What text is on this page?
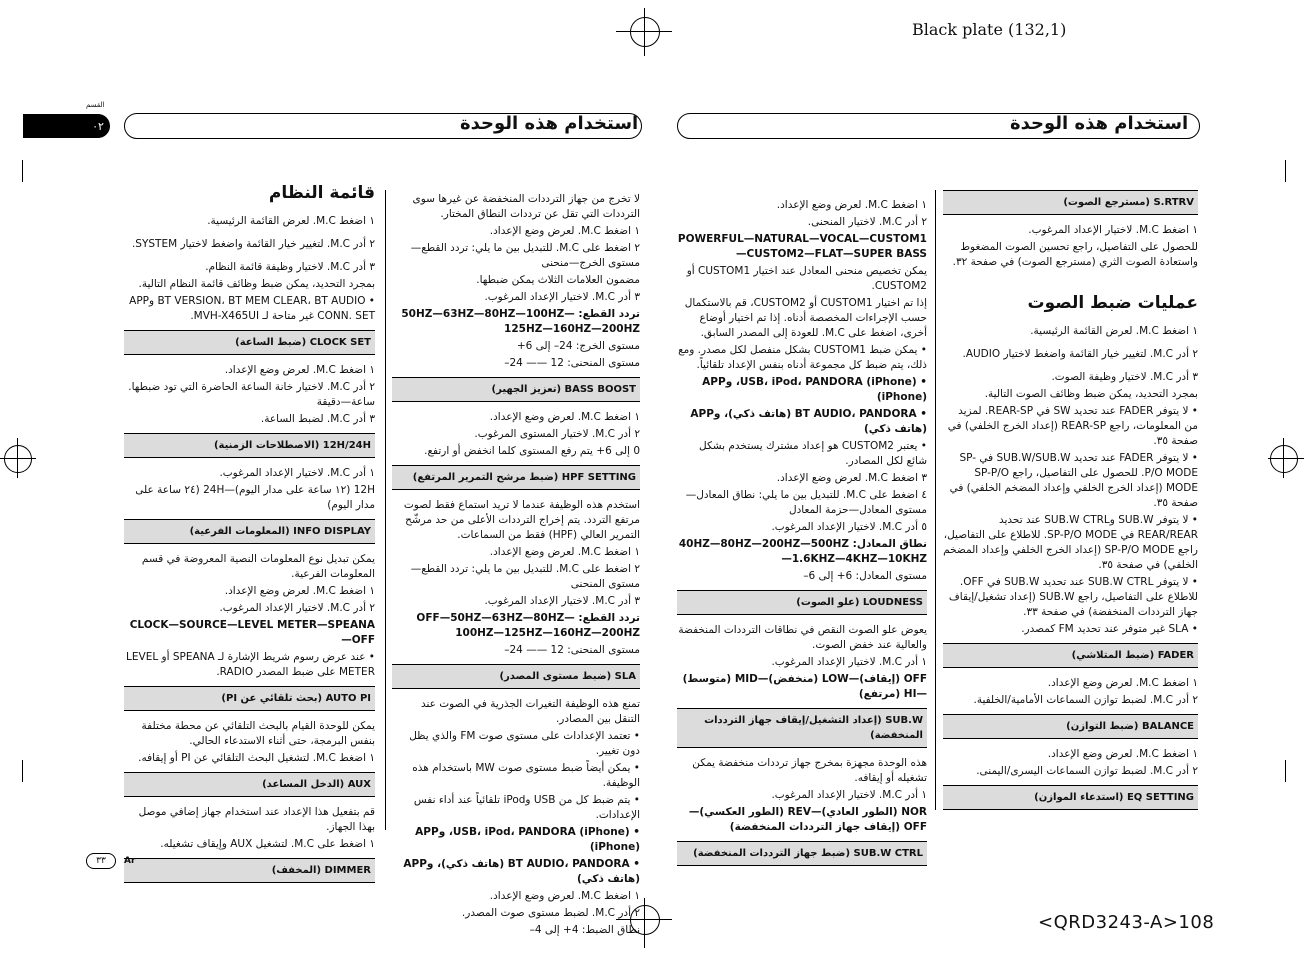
Black plate (132,1)
<QRD3243-A>108
القسم
٠٢	استخدام هذه الوحدة	استخدام هذه الوحدة
قائمة النظام

١ اضغط M.C. لعرض القائمة الرئيسية.

٢ أدر M.C. لتغيير خيار القائمة واضغط لاختيار SYSTEM.

٣ أدر M.C. لاختيار وظيفة قائمة النظام.

بمجرد التحديد، يمكن ضبط وظائف قائمة النظام التالية.

• BT VERSION، BT MEM CLEAR، BT AUDIO وAPP CONN. SET غير متاحة لـ MVH-X465UI.

CLOCK SET (ضبط الساعة)

١ اضغط M.C. لعرض وضع الإعداد.

٢ أدر M.C. لاختيار خانة الساعة الحاضرة التي تود ضبطها. ساعة—دقيقة

٣ أدر M.C. لضبط الساعة.

12H/24H (الاصطلاحات الزمنية)

١ أدر M.C. لاختيار الإعداد المرغوب.

12H (١٢ ساعة على مدار اليوم)—24H (٢٤ ساعة على مدار اليوم)

INFO DISPLAY (المعلومات الفرعية)

يمكن تبديل نوع المعلومات النصية المعروضة في قسم المعلومات الفرعية.

١ اضغط M.C. لعرض وضع الإعداد.

٢ أدر M.C. لاختيار الإعداد المرغوب.

CLOCK—SOURCE—LEVEL METER—SPEANA—OFF

• عند عرض رسوم شريط الإشارة لـ SPEANA أو LEVEL METER على ضبط المصدر RADIO.

AUTO PI (بحث تلقائي عن PI)

يمكن للوحدة القيام بالبحث التلقائي عن محطة مختلفة بنفس البرمجة، حتى أثناء الاستدعاء الحالي.

١ اضغط M.C. لتشغيل البحث التلقائي عن PI أو إيقافه.

AUX (الدخل المساعد)

قم بتفعيل هذا الإعداد عند استخدام جهاز إضافي موصل بهذا الجهاز.

١ اضغط على M.C. لتشغيل AUX وإيقاف تشغيله.

DIMMER (المخفف)

لا تخرج من جهاز الترددات المنخفضة عن غيرها سوى الترددات التي تقل عن ترددات النطاق المختار.

١ اضغط M.C. لعرض وضع الإعداد.

٢ اضغط على M.C. للتبديل بين ما يلي: تردد القطع—مستوى الخرج—منحنى

مضمون العلامات الثلاث يمكن ضبطها.

٣ أدر M.C. لاختيار الإعداد المرغوب.

تردد القطع: 50HZ—63HZ—80HZ—100HZ—125HZ—160HZ—200HZ

مستوى الخرج: 24– إلى 6+

مستوى المنحنى: 12 —— 24–

BASS BOOST (تعزيز الجهير)

١ اضغط M.C. لعرض وضع الإعداد.

٢ أدر M.C. لاختيار المستوى المرغوب.

0 إلى 6+ يتم رفع المستوى كلما انخفض أو ارتفع.

HPF SETTING (ضبط مرشح التمرير المرتفع)

استخدم هذه الوظيفة عندما لا تريد استماع فقط لصوت مرتفع التردد. يتم إخراج الترددات الأعلى من حد مرشّح التمرير العالي (HPF) فقط من السماعات.

١ اضغط M.C. لعرض وضع الإعداد.

٢ اضغط على M.C. للتبديل بين ما يلي: تردد القطع—مستوى المنحنى

٣ أدر M.C. لاختيار الإعداد المرغوب.

تردد القطع: OFF—50HZ—63HZ—80HZ—100HZ—125HZ—160HZ—200HZ

مستوى المنحنى: 12 —— 24–

SLA (ضبط مستوى المصدر)

تمنع هذه الوظيفة التغيرات الجذرية في الصوت عند التنقل بين المصادر.

• تعتمد الإعدادات على مستوى صوت FM والذي يظل دون تغيير.

• يمكن أيضاً ضبط مستوى صوت MW باستخدام هذه الوظيفة.

• يتم ضبط كل من USB وiPod تلقائياً عند أداء نفس الإعدادات.

• USB، iPod، PANDORA (iPhone)، وAPP (iPhone)

• BT AUDIO، PANDORA (هاتف ذكي)، وAPP (هاتف ذكي)

١ اضغط M.C. لعرض وضع الإعداد.

٢ أدر M.C. لضبط مستوى صوت المصدر.

نطاق الضبط: 4+ إلى 4–

١ اضغط M.C. لعرض وضع الإعداد.

٢ أدر M.C. لاختيار المنحنى.

POWERFUL—NATURAL—VOCAL—CUSTOM1—CUSTOM2—FLAT—SUPER BASS

يمكن تخصيص منحنى المعادل عند اختيار CUSTOM1 أو CUSTOM2.

إذا تم اختيار CUSTOM1 أو CUSTOM2، قم بالاستكمال حسب الإجراءات المخصصة أدناه. إذا تم اختيار أوضاع أخرى، اضغط على M.C. للعودة إلى المصدر السابق.

• يمكن ضبط CUSTOM1 بشكل منفصل لكل مصدر. ومع ذلك، يتم ضبط كل مجموعة أدناه بنفس الإعداد تلقائياً.

• USB، iPod، PANDORA (iPhone)، وAPP (iPhone)

• BT AUDIO، PANDORA (هاتف ذكي)، وAPP (هاتف ذكي)

• يعتبر CUSTOM2 هو إعداد مشترك يستخدم بشكل شائع لكل المصادر.

٣ اضغط M.C. لعرض وضع الإعداد.

٤ اضغط على M.C. للتبديل بين ما يلي: نطاق المعادل—مستوى المعادل—حزمة المعادل

٥ أدر M.C. لاختيار الإعداد المرغوب.

نطاق المعادل: 40HZ—80HZ—200HZ—500HZ—1.6KHZ—4KHZ—10KHZ

مستوى المعادل: 6+ إلى 6–

LOUDNESS (علو الصوت)

يعوض علو الصوت النقص في نطاقات الترددات المنخفضة والعالية عند خفض الصوت.

١ أدر M.C. لاختيار الإعداد المرغوب.

OFF (إيقاف)—LOW (منخفض)—MID (متوسط)—HI (مرتفع)

SUB.W (إعداد التشغيل/إيقاف جهاز الترددات المنخفضة)

هذه الوحدة مجهزة بمخرج جهاز ترددات منخفضة يمكن تشغيله أو إيقافه.

١ أدر M.C. لاختيار الإعداد المرغوب.

NOR (الطور العادي)—REV (الطور العكسي)—OFF (إيقاف جهاز الترددات المنخفضة)

SUB.W CTRL (ضبط جهاز الترددات المنخفضة)
S.RTRV (مسترجع الصوت)

١ اضغط M.C. لاختيار الإعداد المرغوب.

للحصول على التفاصيل، راجع تحسين الصوت المضغوط واستعادة الصوت الثري (مسترجع الصوت) في صفحة ٣٢.

عمليات ضبط الصوت

١ اضغط M.C. لعرض القائمة الرئيسية.

٢ أدر M.C. لتغيير خيار القائمة واضغط لاختيار AUDIO.

٣ أدر M.C. لاختيار وظيفة الصوت.

بمجرد التحديد، يمكن ضبط وظائف الصوت التالية.

• لا يتوفر FADER عند تحديد SW في REAR-SP. لمزيد من المعلومات، راجع REAR-SP (إعداد الخرج الخلفي) في صفحة ٣٥.

• لا يتوفر FADER عند تحديد SUB.W/SUB.W في SP-P/O MODE. للحصول على التفاصيل، راجع SP-P/O MODE (إعداد الخرج الخلفي وإعداد المضخم الخلفي) في صفحة ٣٥.

• لا يتوفر SUB.W وSUB.W CTRL عند تحديد REAR/REAR في SP-P/O MODE. للاطلاع على التفاصيل، راجع SP-P/O MODE (إعداد الخرج الخلفي وإعداد المضخم الخلفي) في صفحة ٣٥.

• لا يتوفر SUB.W CTRL عند تحديد SUB.W في OFF. للاطلاع على التفاصيل، راجع SUB.W (إعداد تشغيل/إيقاف جهاز الترددات المنخفضة) في صفحة ٣٣.

• SLA غير متوفر عند تحديد FM كمصدر.

FADER (ضبط المتلاشي)

١ اضغط M.C. لعرض وضع الإعداد.

٢ أدر M.C. لضبط توازن السماعات الأمامية/الخلفية.

BALANCE (ضبط التوازن)

١ اضغط M.C. لعرض وضع الإعداد.

٢ أدر M.C. لضبط توازن السماعات اليسرى/اليمنى.

EQ SETTING (استدعاء الموازن)
٣٣	Ar
